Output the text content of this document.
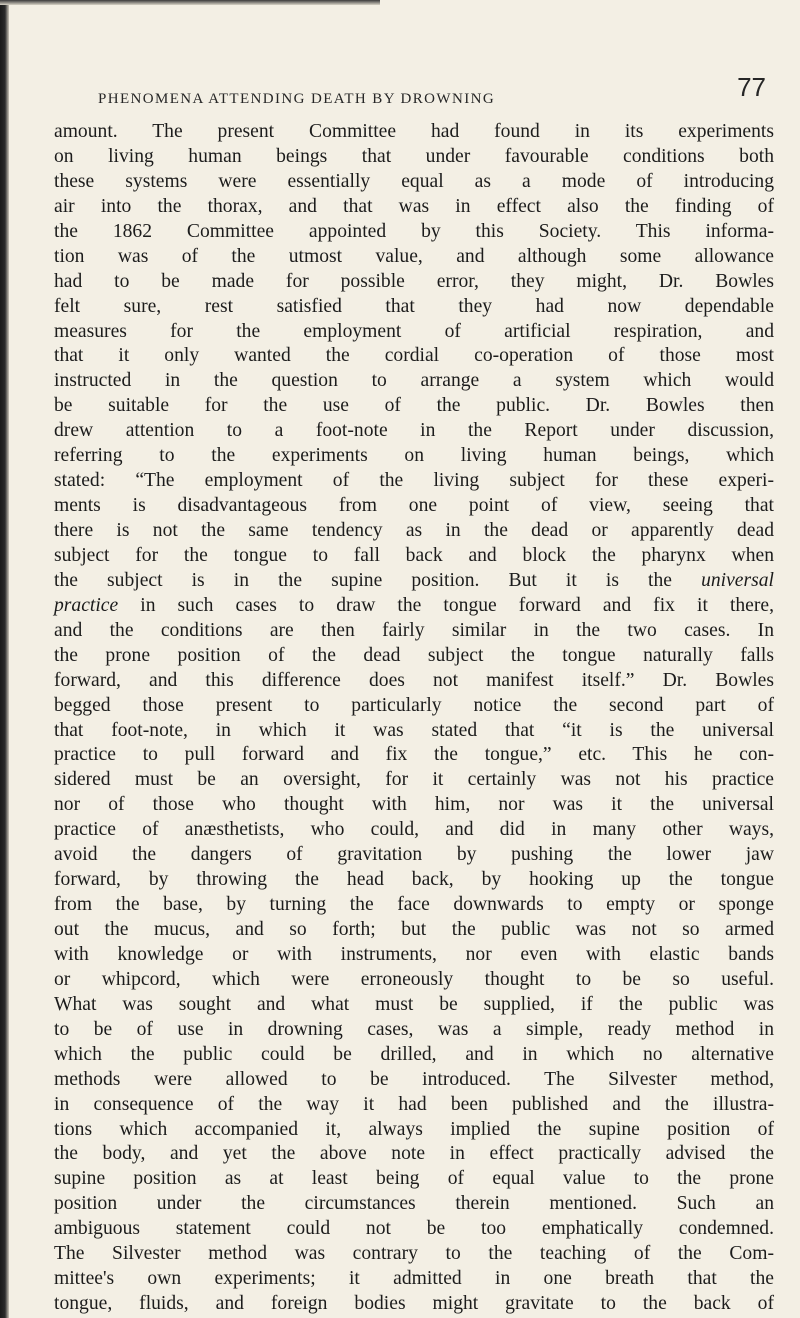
PHENOMENA ATTENDING DEATH BY DROWNING	77
amount. The present Committee had found in its experiments
on living human beings that under favourable conditions both
these systems were essentially equal as a mode of introducing
air into the thorax, and that was in effect also the finding of
the 1862 Committee appointed by this Society. This informa-
tion was of the utmost value, and although some allowance
had to be made for possible error, they might, Dr. Bowles
felt sure, rest satisfied that they had now dependable
measures for the employment of artificial respiration, and
that it only wanted the cordial co-operation of those most
instructed in the question to arrange a system which would
be suitable for the use of the public. Dr. Bowles then
drew attention to a foot-note in the Report under discussion,
referring to the experiments on living human beings, which
stated: “The employment of the living subject for these experi-
ments is disadvantageous from one point of view, seeing that
there is not the same tendency as in the dead or apparently dead
subject for the tongue to fall back and block the pharynx when
the subject is in the supine position. But it is the universal
practice in such cases to draw the tongue forward and fix it there,
and the conditions are then fairly similar in the two cases. In
the prone position of the dead subject the tongue naturally falls
forward, and this difference does not manifest itself.” Dr. Bowles
begged those present to particularly notice the second part of
that foot-note, in which it was stated that “it is the universal
practice to pull forward and fix the tongue,” etc. This he con-
sidered must be an oversight, for it certainly was not his practice
nor of those who thought with him, nor was it the universal
practice of anæsthetists, who could, and did in many other ways,
avoid the dangers of gravitation by pushing the lower jaw
forward, by throwing the head back, by hooking up the tongue
from the base, by turning the face downwards to empty or sponge
out the mucus, and so forth; but the public was not so armed
with knowledge or with instruments, nor even with elastic bands
or whipcord, which were erroneously thought to be so useful.
What was sought and what must be supplied, if the public was
to be of use in drowning cases, was a simple, ready method in
which the public could be drilled, and in which no alternative
methods were allowed to be introduced. The Silvester method,
in consequence of the way it had been published and the illustra-
tions which accompanied it, always implied the supine position of
the body, and yet the above note in effect practically advised the
supine position as at least being of equal value to the prone
position under the circumstances therein mentioned. Such an
ambiguous statement could not be too emphatically condemned.
The Silvester method was contrary to the teaching of the Com-
mittee's own experiments; it admitted in one breath that the
tongue, fluids, and foreign bodies might gravitate to the back of
